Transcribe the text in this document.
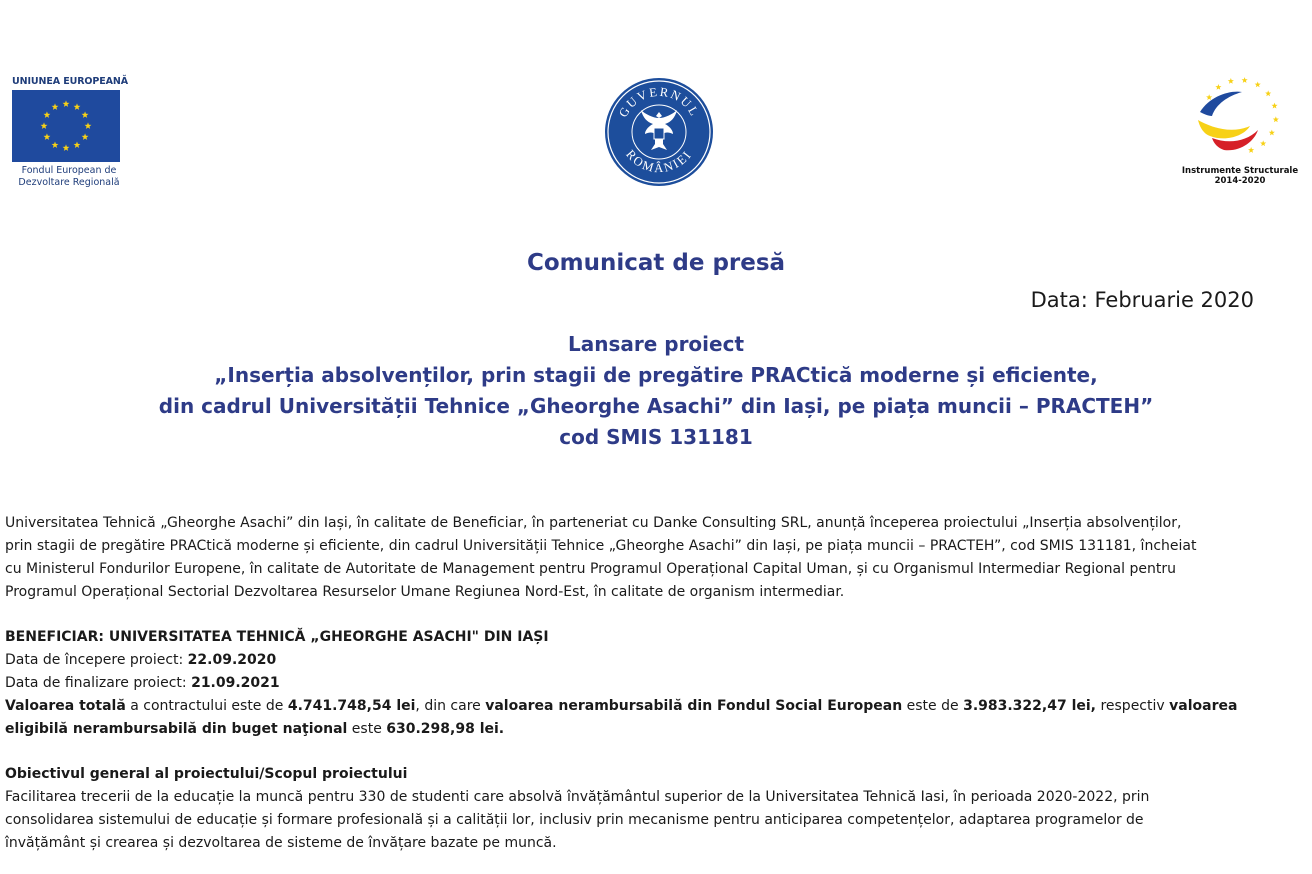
UNIUNEA EUROPEANĂ
Fondul European de
Dezvoltare Regională
GUVERNUL
ROMÂNIEI
Instrumente Structurale
2014-2020
Comunicat de presă
Data: Februarie 2020
Lansare proiect
„Inserția absolvenților, prin stagii de pregătire PRACtică moderne și eficiente,
din cadrul Universității Tehnice „Gheorghe Asachi” din Iași, pe piața muncii – PRACTEH”
cod SMIS 131181

Universitatea Tehnică „Gheorghe Asachi” din Iași, în calitate de Beneficiar, în parteneriat cu Danke Consulting SRL, anunță începerea proiectului „Inserția absolvenților,
prin stagii de pregătire PRACtică moderne și eficiente, din cadrul Universității Tehnice „Gheorghe Asachi” din Iași, pe piața muncii – PRACTEH”, cod SMIS 131181, încheiat
cu Ministerul Fondurilor Europene, în calitate de Autoritate de Management pentru Programul Operațional Capital Uman, și cu Organismul Intermediar Regional pentru
Programul Operațional Sectorial Dezvoltarea Resurselor Umane Regiunea Nord-Est, în calitate de organism intermediar.

BENEFICIAR: UNIVERSITATEA TEHNICĂ „GHEORGHE ASACHI" DIN IAȘI
Data de începere proiect: 22.09.2020
Data de finalizare proiect: 21.09.2021
Valoarea totală a contractului este de 4.741.748,54 lei, din care valoarea nerambursabilă din Fondul Social European este de 3.983.322,47 lei, respectiv valoarea
eligibilă nerambursabilă din buget naţional este 630.298,98 lei.

Obiectivul general al proiectului/Scopul proiectului
Facilitarea trecerii de la educație la muncă pentru 330 de studenti care absolvă învățământul superior de la Universitatea Tehnică Iasi, în perioada 2020-2022, prin
consolidarea sistemului de educație și formare profesională și a calității lor, inclusiv prin mecanisme pentru anticiparea competențelor, adaptarea programelor de
învățământ și crearea și dezvoltarea de sisteme de învățare bazate pe muncă.
